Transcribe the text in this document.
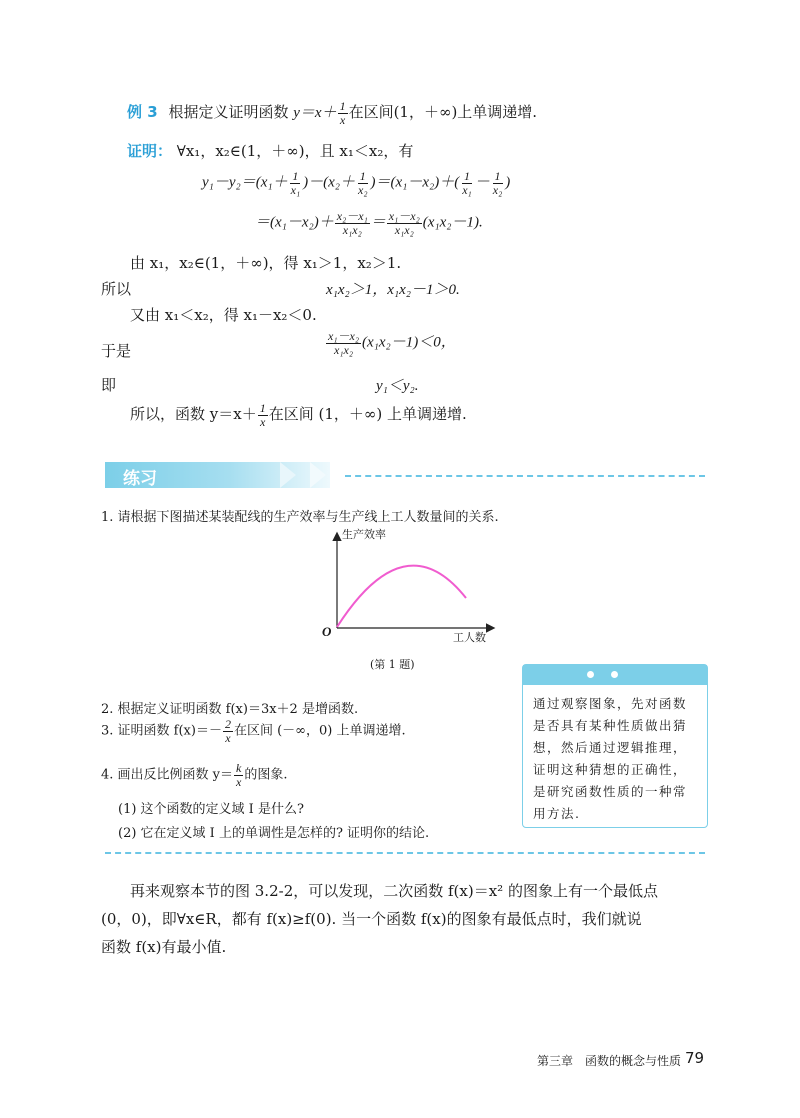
例 3 根据定义证明函数 $y=x+ \frac{1}{x}$ 在区间(1，＋∞)上单调递增.
证明： ∀x₁，x₂∈(1，＋∞)，且 x₁＜x₂，有
$y_1-y_2=(x_1+ \frac{1}{\text{x₁}} )-(x_2+ \frac{1}{\text{x₂}} )=(x_1-x_2)+( \frac{1}{\text{x₁}} - \frac{1}{\text{x₂}}$ )
$=(x_1-x_2)+ \frac{\text{x₂－x₁}}{\text{x₁x₂}} = \frac{\text{x₁－x₂}}{\text{x₁x₂}} (x_1x_2-1)$.
由 x₁，x₂∈(1，＋∞)，得 x₁＞1，x₂＞1.
所以	x₁x₂＞1，x₁x₂－1＞0.
又由 x₁＜x₂，得 x₁－x₂＜0.
于是	$\frac{\text{x₁－x₂}}{\text{x₁x₂}} (x_1x_2-1)<0$，
即	y₁＜y₂.
所以，函数 $y=x+ \frac{1}{x}$ 在区间 (1，＋∞) 上单调递增.
练习
1. 请根据下图描述某装配线的生产效率与生产线上工人数量间的关系.
生产效率
O	工人数
(第 1 题)
2. 根据定义证明函数 f(x)＝3x＋2 是增函数.
3. 证明函数 $f(x)=- \frac{2}{x}$ 在区间 (－∞，0) 上单调递增.
4. 画出反比例函数 $y= \frac{k}{x}$ 的图象.
(1) 这个函数的定义域 I 是什么?
(2) 它在定义域 I 上的单调性是怎样的? 证明你的结论.
通过观察图象，先对函数是否具有某种性质做出猜想，然后通过逻辑推理，证明这种猜想的正确性，是研究函数性质的一种常用方法.
再来观察本节的图 3.2-2，可以发现，二次函数 f(x)＝x² 的图象上有一个最低点
(0，0)，即∀x∈R，都有 f(x)≥f(0). 当一个函数 f(x)的图象有最低点时，我们就说
函数 f(x)有最小值.
第三章　函数的概念与性质 79
